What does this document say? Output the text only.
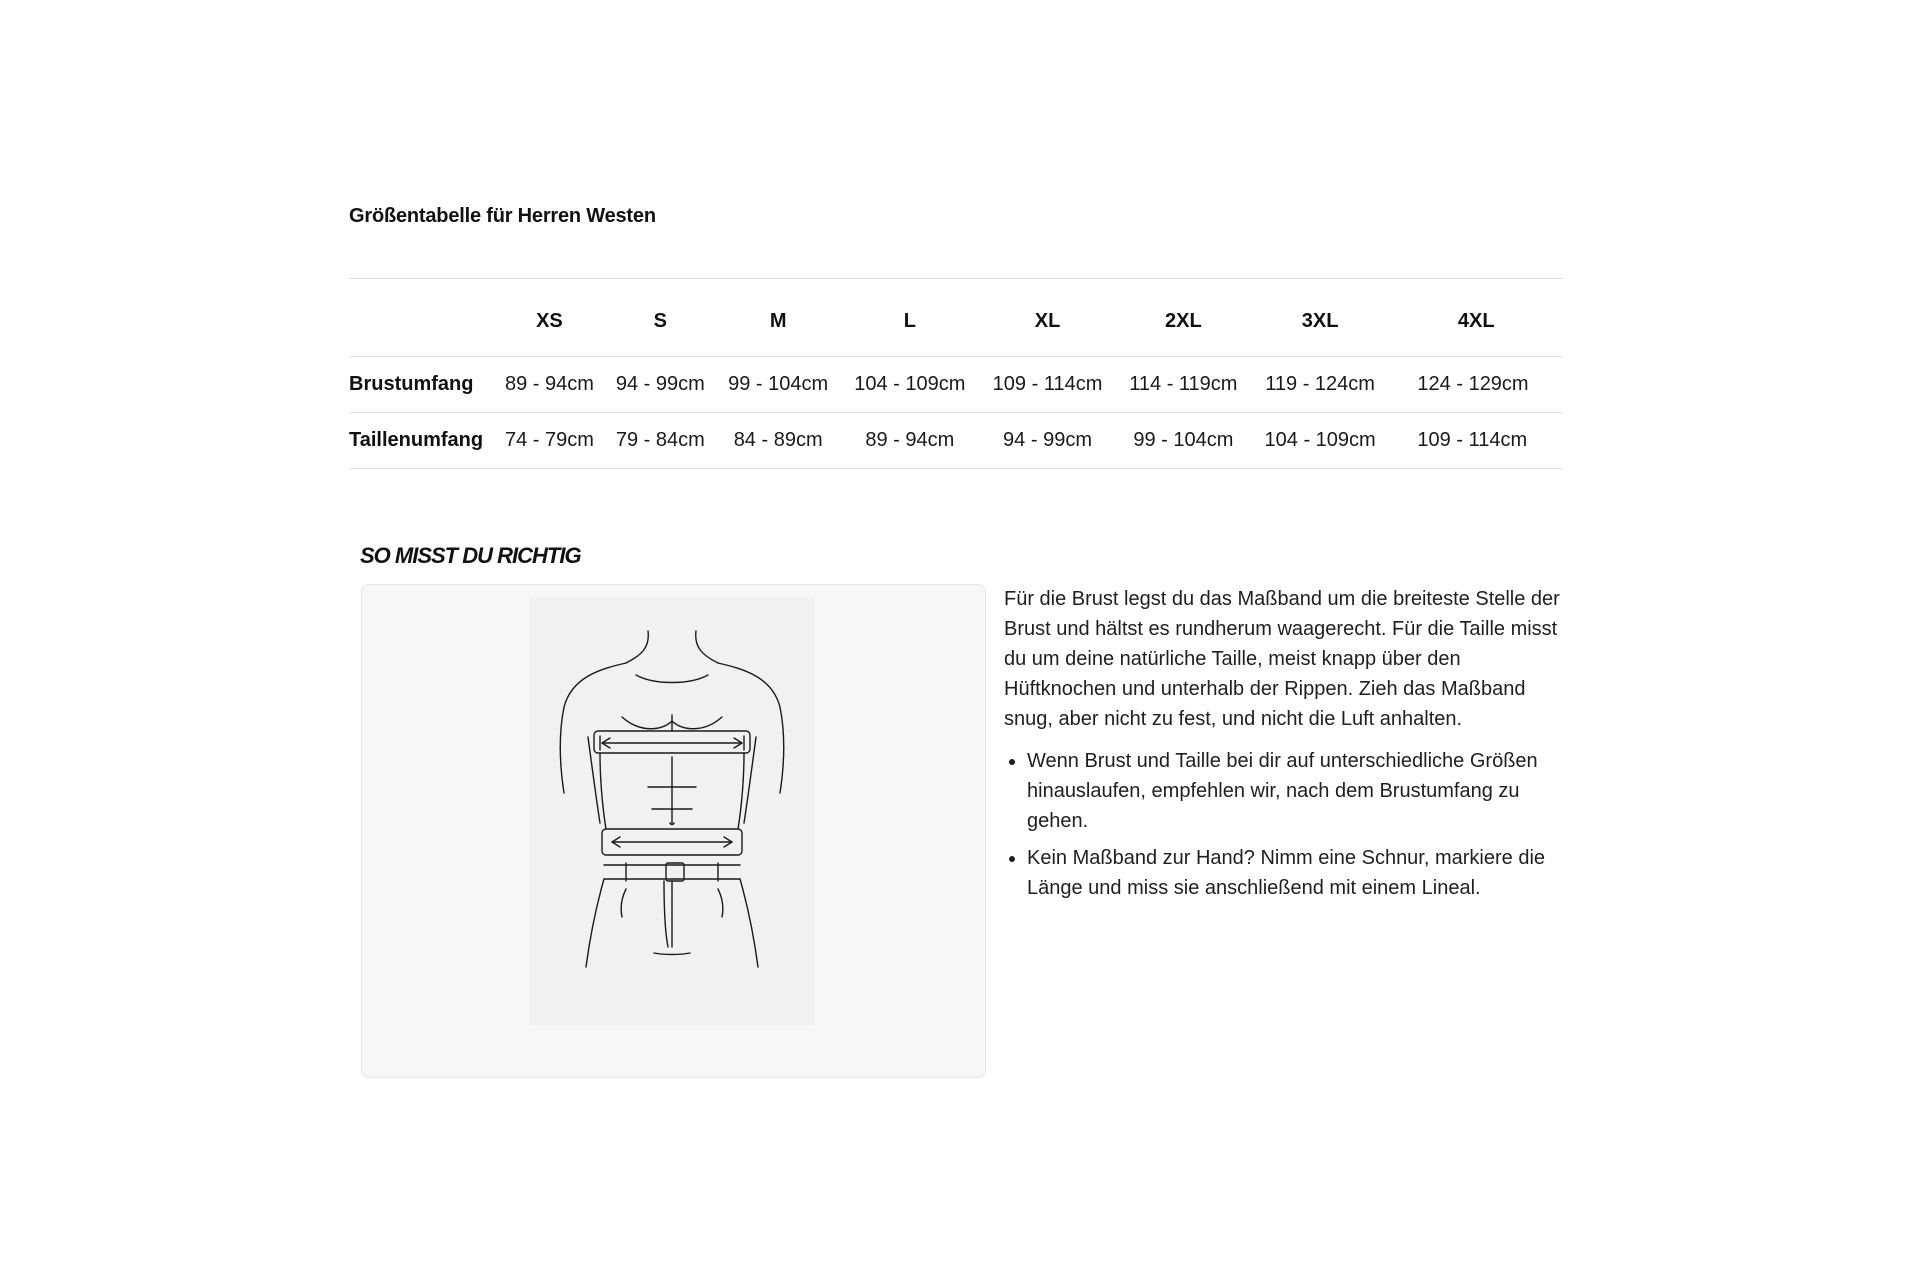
Größentabelle für Herren Westen
	XS	S	M	L	XL	2XL	3XL	4XL
Brustumfang	89 - 94cm	94 - 99cm	99 - 104cm	104 - 109cm	109 - 114cm	114 - 119cm	119 - 124cm	124 - 129cm
Taillenumfang	74 - 79cm	79 - 84cm	84 - 89cm	89 - 94cm	94 - 99cm	99 - 104cm	104 - 109cm	109 - 114cm
SO MISST DU RICHTIG

Für die Brust legst du das Maßband um die breiteste Stelle der Brust und hältst es rundherum waagerecht. Für die Taille misst du um deine natürliche Taille, meist knapp über den Hüftknochen und unterhalb der Rippen. Zieh das Maßband snug, aber nicht zu fest, und nicht die Luft anhalten.

• Wenn Brust und Taille bei dir auf unterschiedliche Größen hinauslaufen, empfehlen wir, nach dem Brustumfang zu gehen.
• Kein Maßband zur Hand? Nimm eine Schnur, markiere die Länge und miss sie anschließend mit einem Lineal.
